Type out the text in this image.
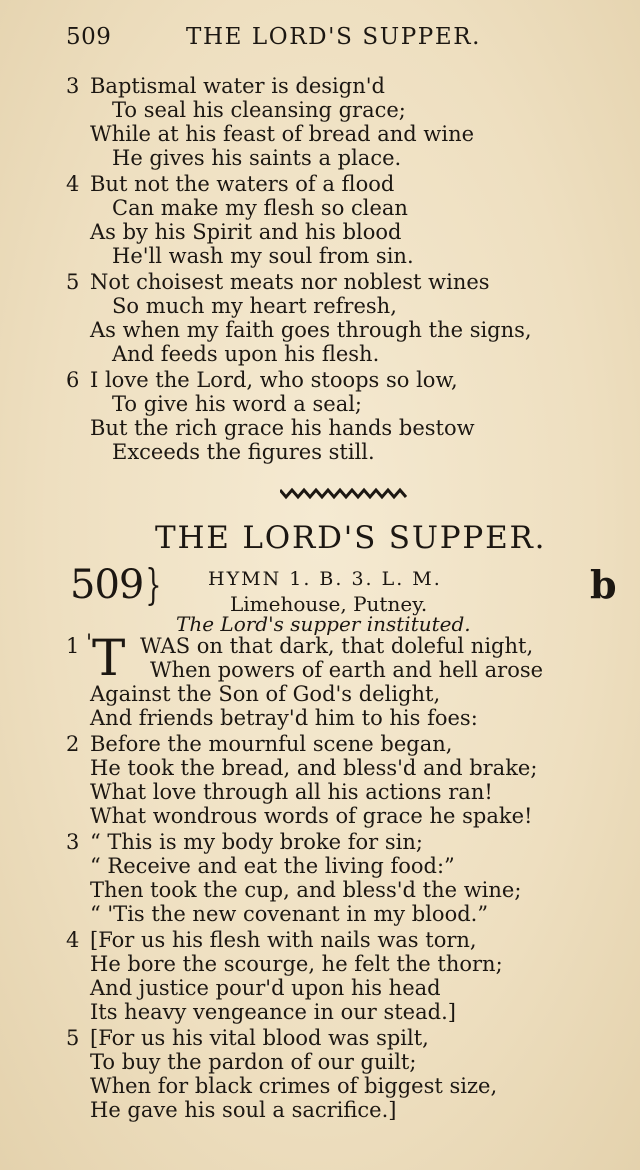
509	THE LORD'S SUPPER.
3 Baptismal water is design'd
To seal his cleansing grace;
While at his feast of bread and wine
He gives his saints a place.
4 But not the waters of a flood
Can make my flesh so clean
As by his Spirit and his blood
He'll wash my soul from sin.
5 Not choisest meats nor noblest wines
So much my heart refresh,
As when my faith goes through the signs,
And feeds upon his flesh.
6 I love the Lord, who stoops so low,
To give his word a seal;
But the rich grace his hands bestow
Exceeds the figures still.
THE LORD'S SUPPER.
509 } HYMN 1. B. 3. L. M.
Limehouse, Putney.
The Lord's supper instituted.
b
1 ' T WAS on that dark, that doleful night,
When powers of earth and hell arose
Against the Son of God's delight,
And friends betray'd him to his foes:
2 Before the mournful scene began,
He took the bread, and bless'd and brake;
What love through all his actions ran!
What wondrous words of grace he spake!
3 “ This is my body broke for sin;
“ Receive and eat the living food:”
Then took the cup, and bless'd the wine;
“ 'Tis the new covenant in my blood.”
4 [For us his flesh with nails was torn,
He bore the scourge, he felt the thorn;
And justice pour'd upon his head
Its heavy vengeance in our stead.]
5 [For us his vital blood was spilt,
To buy the pardon of our guilt;
When for black crimes of biggest size,
He gave his soul a sacrifice.]
